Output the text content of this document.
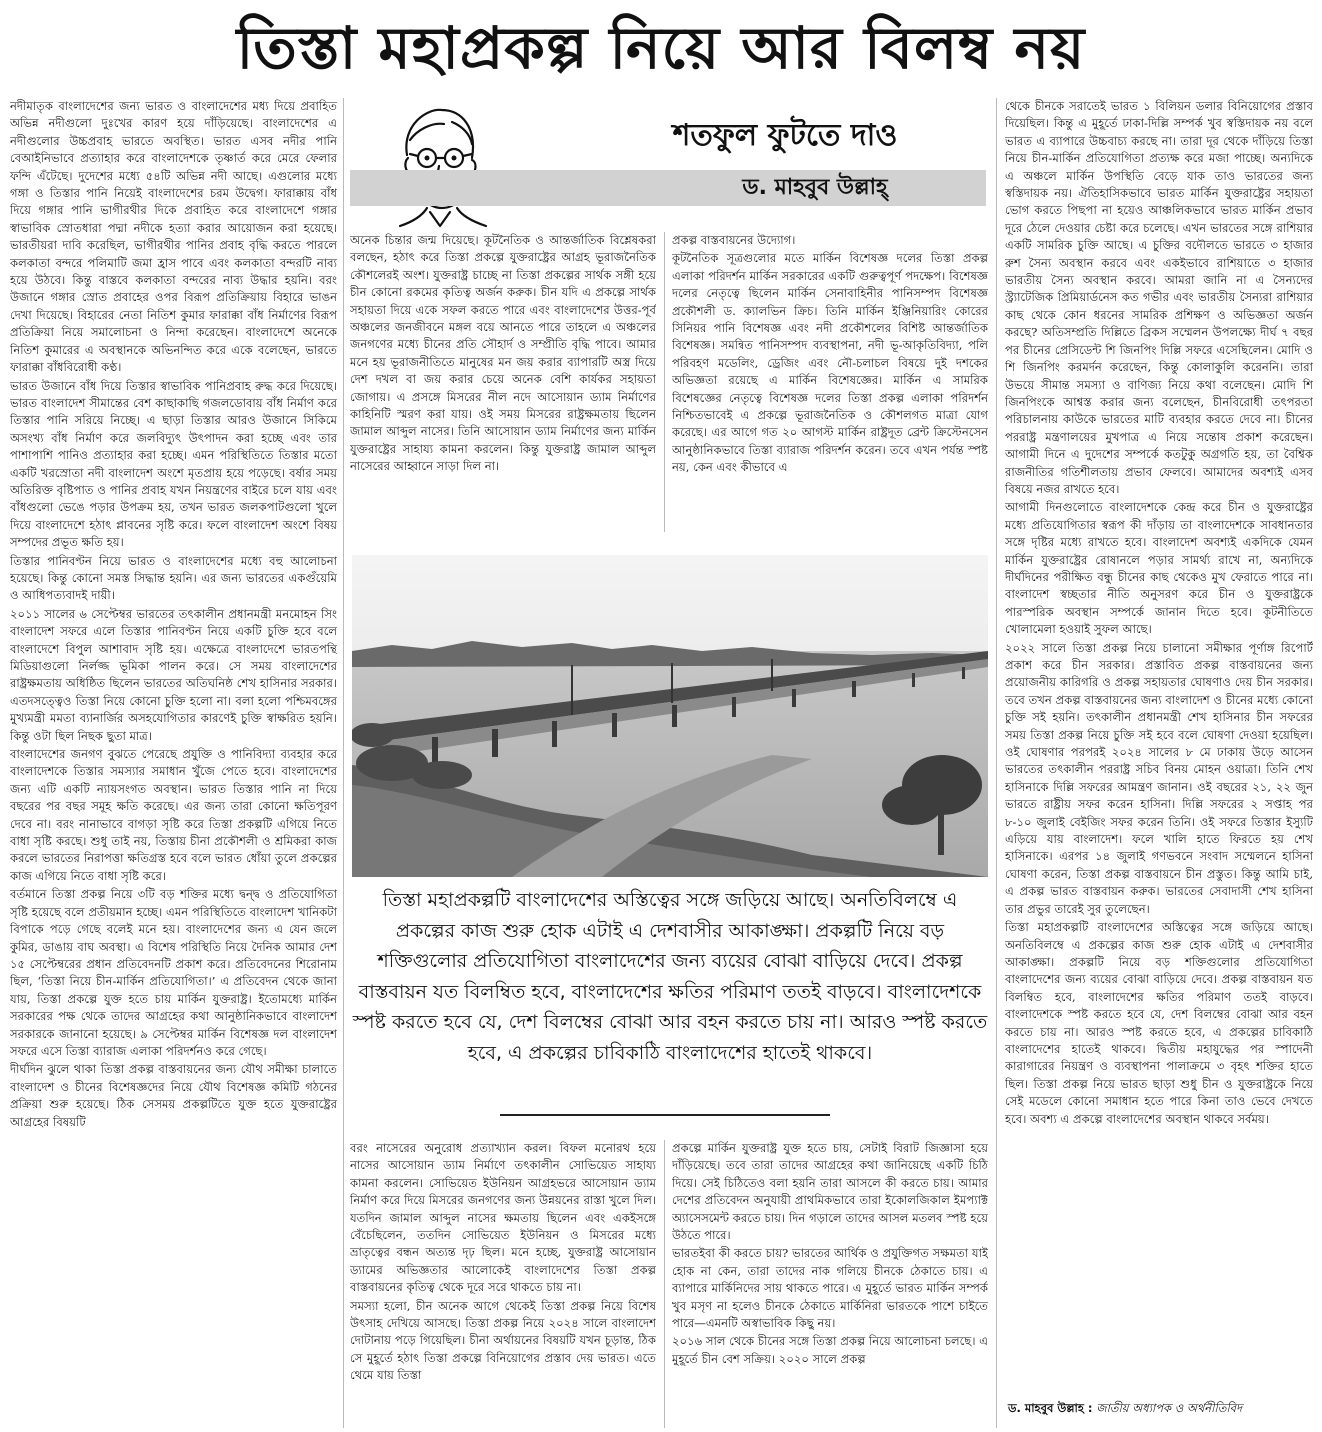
তিস্তা মহাপ্রকল্প নিয়ে আর বিলম্ব নয়
শতফুল ফুটতে দাও
ড. মাহবুব উল্লাহ্‌

নদীমাতৃক বাংলাদেশের জন্য ভারত ও বাংলাদেশের মধ্য দিয়ে প্রবাহিত অভিন্ন নদীগুলো দুঃখের কারণ হয়ে দাঁড়িয়েছে। বাংলাদেশের এ নদীগুলোর উচ্চপ্রবাহ ভারতে অবস্থিত। ভারত এসব নদীর পানি বেআইনিভাবে প্রত্যাহার করে বাংলাদেশকে তৃষ্ণার্ত করে মেরে ফেলার ফন্দি এঁটেছে। দুদেশের মধ্যে ৫৪টি অভিন্ন নদী আছে। এগুলোর মধ্যে গঙ্গা ও তিস্তার পানি নিয়েই বাংলাদেশের চরম উদ্বেগ। ফারাক্কায় বাঁধ দিয়ে গঙ্গার পানি ভাগীরথীর দিকে প্রবাহিত করে বাংলাদেশে গঙ্গার স্বাভাবিক স্রোতধারা পদ্মা নদীকে হত্যা করার আয়োজন করা হয়েছে। ভারতীয়রা দাবি করেছিল, ভাগীরথীর পানির প্রবাহ বৃদ্ধি করতে পারলে কলকাতা বন্দরে পলিমাটি জমা হ্রাস পাবে এবং কলকাতা বন্দরটি নাব্য হয়ে উঠবে। কিন্তু বাস্তবে কলকাতা বন্দরের নাব্য উদ্ধার হয়নি। বরং উজানে গঙ্গার স্রোত প্রবাহের ওপর বিরূপ প্রতিক্রিয়ায় বিহারে ভাঙন দেখা দিয়েছে। বিহারের নেতা নিতিশ কুমার ফারাক্কা বাঁধ নির্মাণের বিরূপ প্রতিক্রিয়া নিয়ে সমালোচনা ও নিন্দা করেছেন। বাংলাদেশে অনেকে নিতিশ কুমারের এ অবস্থানকে অভিনন্দিত করে একে বলেছেন, ভারতে ফারাক্কা বাঁধবিরোধী কণ্ঠ।

ভারত উজানে বাঁধ দিয়ে তিস্তার স্বাভাবিক পানিপ্রবাহ রুদ্ধ করে দিয়েছে। ভারত বাংলাদেশ সীমান্তের বেশ কাছাকাছি গজলডোবায় বাঁধ নির্মাণ করে তিস্তার পানি সরিয়ে নিচ্ছে। এ ছাড়া তিস্তার আরও উজানে সিকিমে অসংখ্য বাঁধ নির্মাণ করে জলবিদ্যুৎ উৎপাদন করা হচ্ছে এবং তার পাশাপাশি পানিও প্রত্যাহার করা হচ্ছে। এমন পরিস্থিতিতে তিস্তার মতো একটি খরস্রোতা নদী বাংলাদেশ অংশে মৃতপ্রায় হয়ে পড়েছে। বর্ষার সময় অতিরিক্ত বৃষ্টিপাত ও পানির প্রবাহ যখন নিয়ন্ত্রণের বাইরে চলে যায় এবং বাঁধগুলো ভেঙে পড়ার উপক্রম হয়, তখন ভারত জলকপাটগুলো খুলে দিয়ে বাংলাদেশে হঠাৎ প্লাবনের সৃষ্টি করে। ফলে বাংলাদেশ অংশে বিষয় সম্পদের প্রভূত ক্ষতি হয়।

তিস্তার পানিবণ্টন নিয়ে ভারত ও বাংলাদেশের মধ্যে বহু আলোচনা হয়েছে। কিন্তু কোনো সমস্ত সিদ্ধান্ত হয়নি। এর জন্য ভারতের একগুঁয়েমি ও আধিপত্যবাদই দায়ী।

২০১১ সালের ৬ সেপ্টেম্বর ভারতের তৎকালীন প্রধানমন্ত্রী মনমোহন সিং বাংলাদেশ সফরে এলে তিস্তার পানিবণ্টন নিয়ে একটি চুক্তি হবে বলে বাংলাদেশে বিপুল আশাবাদ সৃষ্টি হয়। এক্ষেত্রে বাংলাদেশে ভারতপন্থি মিডিয়াগুলো নির্লজ্জ ভূমিকা পালন করে। সে সময় বাংলাদেশের রাষ্ট্রক্ষমতায় অধিষ্ঠিত ছিলেন ভারতের অতিঘনিষ্ঠ শেখ হাসিনার সরকার। এতদসত্ত্বেও তিস্তা নিয়ে কোনো চুক্তি হলো না। বলা হলো পশ্চিমবঙ্গের মুখ্যমন্ত্রী মমতা ব্যানার্জির অসহযোগিতার কারণেই চুক্তি স্বাক্ষরিত হয়নি। কিন্তু ওটা ছিল নিছক ছুতা মাত্র।

বাংলাদেশের জনগণ বুঝতে পেরেছে প্রযুক্তি ও পানিবিদ্যা ব্যবহার করে বাংলাদেশকে তিস্তার সমস্যার সমাধান খুঁজে পেতে হবে। বাংলাদেশের জন্য এটি একটি ন্যায়সংগত অবস্থান। ভারত তিস্তার পানি না দিয়ে বছরের পর বছর সমূহ ক্ষতি করেছে। এর জন্য তারা কোনো ক্ষতিপূরণ দেবে না। বরং নানাভাবে বাগড়া সৃষ্টি করে তিস্তা প্রকল্পটি এগিয়ে নিতে বাধা সৃষ্টি করছে। শুধু তাই নয়, তিস্তায় চীনা প্রকৌশলী ও শ্রমিকরা কাজ করলে ভারতের নিরাপত্তা ক্ষতিগ্রস্ত হবে বলে ভারত ধোঁয়া তুলে প্রকল্পের কাজ এগিয়ে নিতে বাধা সৃষ্টি করে।

বর্তমানে তিস্তা প্রকল্প নিয়ে ৩টি বড় শক্তির মধ্যে দ্বন্দ্ব ও প্রতিযোগিতা সৃষ্টি হয়েছে বলে প্রতীয়মান হচ্ছে। এমন পরিস্থিতিতে বাংলাদেশ খানিকটা বিপাকে পড়ে গেছে বলেই মনে হয়। বাংলাদেশের জন্য এ যেন জলে কুমির, ডাঙায় বাঘ অবস্থা। এ বিশেষ পরিস্থিতি নিয়ে দৈনিক আমার দেশ ১৫ সেপ্টেম্বরের প্রধান প্রতিবেদনটি প্রকাশ করে। প্রতিবেদনের শিরোনাম ছিল, ‘তিস্তা নিয়ে চীন-মার্কিন প্রতিযোগিতা।’ এ প্রতিবেদন থেকে জানা যায়, তিস্তা প্রকল্পে যুক্ত হতে চায় মার্কিন যুক্তরাষ্ট্র। ইতোমধ্যে মার্কিন সরকারের পক্ষ থেকে তাদের আগ্রহের কথা আনুষ্ঠানিকভাবে বাংলাদেশ সরকারকে জানানো হয়েছে। ৯ সেপ্টেম্বর মার্কিন বিশেষজ্ঞ দল বাংলাদেশ সফরে এসে তিস্তা ব্যারাজ এলাকা পরিদর্শনও করে গেছে।

দীর্ঘদিন ঝুলে থাকা তিস্তা প্রকল্প বাস্তবায়নের জন্য যৌথ সমীক্ষা চালাতে বাংলাদেশ ও চীনের বিশেষজ্ঞদের নিয়ে যৌথ বিশেষজ্ঞ কমিটি গঠনের প্রক্রিয়া শুরু হয়েছে। ঠিক সেসময় প্রকল্পটিতে যুক্ত হতে যুক্তরাষ্ট্রের আগ্রহের বিষয়টি

অনেক চিন্তার জন্ম দিয়েছে। কূটনৈতিক ও আন্তর্জাতিক বিশ্লেষকরা বলছেন, হঠাৎ করে তিস্তা প্রকল্পে যুক্তরাষ্ট্রের আগ্রহ ভূরাজনৈতিক কৌশলেরই অংশ। যুক্তরাষ্ট্র চাচ্ছে না তিস্তা প্রকল্পের সার্থক সঙ্গী হয়ে চীন কোনো রকমের কৃতিত্ব অর্জন করুক। চীন যদি এ প্রকল্পে সার্থক সহায়তা দিয়ে একে সফল করতে পারে এবং বাংলাদেশের উত্তর-পূর্ব অঞ্চলের জনজীবনে মঙ্গল বয়ে আনতে পারে তাহলে এ অঞ্চলের জনগণের মধ্যে চীনের প্রতি সৌহার্দ ও সম্প্রীতি বৃদ্ধি পাবে। আমার মনে হয় ভূরাজনীতিতে মানুষের মন জয় করার ব্যাপারটি অস্ত্র দিয়ে দেশ দখল বা জয় করার চেয়ে অনেক বেশি কার্যকর সহায়তা জোগায়। এ প্রসঙ্গে মিসরের নীল নদে আসোয়ান ড্যাম নির্মাণের কাহিনিটি স্মরণ করা যায়। ওই সময় মিসরের রাষ্ট্রক্ষমতায় ছিলেন জামাল আব্দুল নাসের। তিনি আসোয়ান ড্যাম নির্মাণের জন্য মার্কিন যুক্তরাষ্ট্রের সাহায্য কামনা করলেন। কিন্তু যুক্তরাষ্ট্র জামাল আব্দুল নাসেরের আহ্বানে সাড়া দিল না।

প্রকল্প বাস্তবায়নের উদ্যোগ।

কূটনৈতিক সূত্রগুলোর মতে মার্কিন বিশেষজ্ঞ দলের তিস্তা প্রকল্প এলাকা পরিদর্শন মার্কিন সরকারের একটি গুরুত্বপূর্ণ পদক্ষেপ। বিশেষজ্ঞ দলের নেতৃত্বে ছিলেন মার্কিন সেনাবাহিনীর পানিসম্পদ বিশেষজ্ঞ প্রকৌশলী ড. ক্যালভিন ক্রিচ। তিনি মার্কিন ইঞ্জিনিয়ারিং কোরের সিনিয়র পানি বিশেষজ্ঞ এবং নদী প্রকৌশলের বিশিষ্ট আন্তর্জাতিক বিশেষজ্ঞ। সমন্বিত পানিসম্পদ ব্যবস্থাপনা, নদী ভূ-আকৃতিবিদ্যা, পলি পরিবহণ মডেলিং, ড্রেজিং এবং নৌ-চলাচল বিষয়ে দুই দশকের অভিজ্ঞতা রয়েছে এ মার্কিন বিশেষজ্ঞের। মার্কিন এ সামরিক বিশেষজ্ঞের নেতৃত্বে বিশেষজ্ঞ দলের তিস্তা প্রকল্প এলাকা পরিদর্শন নিশ্চিতভাবেই এ প্রকল্পে ভূরাজনৈতিক ও কৌশলগত মাত্রা যোগ করেছে। এর আগে গত ২০ আগস্ট মার্কিন রাষ্ট্রদূত ব্রেন্ট ক্রিস্টেনসেন আনুষ্ঠানিকভাবে তিস্তা ব্যারাজ পরিদর্শন করেন। তবে এখন পর্যন্ত স্পষ্ট নয়, কেন এবং কীভাবে এ

তিস্তা মহাপ্রকল্পটি বাংলাদেশের অস্তিত্বের সঙ্গে জড়িয়ে আছে। অনতিবিলম্বে এ প্রকল্পের কাজ শুরু হোক এটাই এ দেশবাসীর আকাঙ্ক্ষা। প্রকল্পটি নিয়ে বড় শক্তিগুলোর প্রতিযোগিতা বাংলাদেশের জন্য ব্যয়ের বোঝা বাড়িয়ে দেবে। প্রকল্প বাস্তবায়ন যত বিলম্বিত হবে, বাংলাদেশের ক্ষতির পরিমাণ ততই বাড়বে। বাংলাদেশকে স্পষ্ট করতে হবে যে, দেশ বিলম্বের বোঝা আর বহন করতে চায় না। আরও স্পষ্ট করতে হবে, এ প্রকল্পের চাবিকাঠি বাংলাদেশের হাতেই থাকবে।

বরং নাসেরের অনুরোধ প্রত্যাখ্যান করল। বিফল মনোরথ হয়ে নাসের আসোয়ান ড্যাম নির্মাণে তৎকালীন সোভিয়েত সাহায্য কামনা করলেন। সোভিয়েত ইউনিয়ন আগ্রহভরে আসোয়ান ড্যাম নির্মাণ করে দিয়ে মিসরের জনগণের জন্য উন্নয়নের রাস্তা খুলে দিল। যতদিন জামাল আব্দুল নাসের ক্ষমতায় ছিলেন এবং একইসঙ্গে বেঁচেছিলেন, ততদিন সোভিয়েত ইউনিয়ন ও মিসরের মধ্যে ভ্রাতৃত্বের বন্ধন অত্যন্ত দৃঢ় ছিল। মনে হচ্ছে, যুক্তরাষ্ট্র আসোয়ান ড্যামের অভিজ্ঞতার আলোকেই বাংলাদেশের তিস্তা প্রকল্প বাস্তবায়নের কৃতিত্ব থেকে দূরে সরে থাকতে চায় না।

সমস্যা হলো, চীন অনেক আগে থেকেই তিস্তা প্রকল্প নিয়ে বিশেষ উৎসাহ দেখিয়ে আসছে। তিস্তা প্রকল্প নিয়ে ২০২৪ সালে বাংলাদেশ দোটানায় পড়ে গিয়েছিল। চীনা অর্থায়নের বিষয়টি যখন চূড়ান্ত, ঠিক সে মুহূর্তে হঠাৎ তিস্তা প্রকল্পে বিনিয়োগের প্রস্তাব দেয় ভারত। এতে থেমে যায় তিস্তা

প্রকল্পে মার্কিন যুক্তরাষ্ট্র যুক্ত হতে চায়, সেটাই বিরাট জিজ্ঞাসা হয়ে দাঁড়িয়েছে। তবে তারা তাদের আগ্রহের কথা জানিয়েছে একটি চিঠি দিয়ে। সেই চিঠিতেও বলা হয়নি তারা আসলে কী করতে চায়। আমার দেশের প্রতিবেদন অনুযায়ী প্রাথমিকভাবে তারা ইকোলজিকাল ইমপ্যাক্ট অ্যাসেসমেন্ট করতে চায়। দিন গড়ালে তাদের আসল মতলব স্পষ্ট হয়ে উঠতে পারে।

ভারতইবা কী করতে চায়? ভারতের আর্থিক ও প্রযুক্তিগত সক্ষমতা যাই হোক না কেন, তারা তাদের নাক গলিয়ে চীনকে ঠেকাতে চায়। এ ব্যাপারে মার্কিনিদের সায় থাকতে পারে। এ মুহূর্তে ভারত মার্কিন সম্পর্ক খুব মসৃণ না হলেও চীনকে ঠেকাতে মার্কিনিরা ভারতকে পাশে চাইতে পারে—এমনটি অস্বাভাবিক কিছু নয়।

২০১৬ সাল থেকে চীনের সঙ্গে তিস্তা প্রকল্প নিয়ে আলোচনা চলছে। এ মুহূর্তে চীন বেশ সক্রিয়। ২০২০ সালে প্রকল্প

থেকে চীনকে সরাতেই ভারত ১ বিলিয়ন ডলার বিনিয়োগের প্রস্তাব দিয়েছিল। কিন্তু এ মুহূর্তে ঢাকা-দিল্লি সম্পর্ক খুব স্বস্তিদায়ক নয় বলে ভারত এ ব্যাপারে উচ্চবাচ্য করছে না। তারা দূর থেকে দাঁড়িয়ে তিস্তা নিয়ে চীন-মার্কিন প্রতিযোগিতা প্রত্যক্ষ করে মজা পাচ্ছে। অন্যদিকে এ অঞ্চলে মার্কিন উপস্থিতি বেড়ে যাক তাও ভারতের জন্য স্বস্তিদায়ক নয়। ঐতিহাসিকভাবে ভারত মার্কিন যুক্তরাষ্ট্রের সহায়তা ভোগ করতে পিছপা না হয়েও আঞ্চলিকভাবে ভারত মার্কিন প্রভাব দূরে ঠেলে দেওয়ার চেষ্টা করে চলেছে। এখন ভারতের সঙ্গে রাশিয়ার একটি সামরিক চুক্তি আছে। এ চুক্তির বদৌলতে ভারতে ৩ হাজার রুশ সৈন্য অবস্থান করবে এবং একইভাবে রাশিয়াতে ৩ হাজার ভারতীয় সৈন্য অবস্থান করবে। আমরা জানি না এ সৈন্যদের স্ট্র্যাটেজিক প্রিমিয়ার্ডনেস কত গভীর এবং ভারতীয় সৈন্যরা রাশিয়ার কাছ থেকে কোন ধরনের সামরিক প্রশিক্ষণ ও অভিজ্ঞতা অর্জন করছে? অতিসম্প্রতি দিল্লিতে ব্রিকস সম্মেলন উপলক্ষ্যে দীর্ঘ ৭ বছর পর চীনের প্রেসিডেন্ট শি জিনপিং দিল্লি সফরে এসেছিলেন। মোদি ও শি জিনপিং করমর্দন করেছেন, কিন্তু কোলাকুলি করেননি। তারা উভয়ে সীমান্ত সমস্যা ও বাণিজ্য নিয়ে কথা বলেছেন। মোদি শি জিনপিংকে আশ্বস্ত করার জন্য বলেছেন, চীনবিরোধী তৎপরতা পরিচালনায় কাউকে ভারতের মাটি ব্যবহার করতে দেবে না। চীনের পররাষ্ট্র মন্ত্রণালয়ের মুখপাত্র এ নিয়ে সন্তোষ প্রকাশ করেছেন। আগামী দিনে এ দুদেশের সম্পর্কে কতটুকু অগ্রগতি হয়, তা বৈশ্বিক রাজনীতির গতিশীলতায় প্রভাব ফেলবে। আমাদের অবশ্যই এসব বিষয়ে নজর রাখতে হবে।

আগামী দিনগুলোতে বাংলাদেশকে কেন্দ্র করে চীন ও যুক্তরাষ্ট্রের মধ্যে প্রতিযোগিতার স্বরূপ কী দাঁড়ায় তা বাংলাদেশকে সাবধানতার সঙ্গে দৃষ্টির মধ্যে রাখতে হবে। বাংলাদেশ অবশ্যই একদিকে যেমন মার্কিন যুক্তরাষ্ট্রের রোষানলে পড়ার সামর্থ্য রাখে না, অন্যদিকে দীর্ঘদিনের পরীক্ষিত বন্ধু চীনের কাছ থেকেও মুখ ফেরাতে পারে না। বাংলাদেশ স্বচ্ছতার নীতি অনুসরণ করে চীন ও যুক্তরাষ্ট্রকে পারস্পরিক অবস্থান সম্পর্কে জানান দিতে হবে। কূটনীতিতে খোলামেলা হওয়াই সুফল আছে।

২০২২ সালে তিস্তা প্রকল্প নিয়ে চালানো সমীক্ষার পূর্ণাঙ্গ রিপোর্ট প্রকাশ করে চীন সরকার। প্রস্তাবিত প্রকল্প বাস্তবায়নের জন্য প্রয়োজনীয় কারিগরি ও প্রকল্প সহায়তার ঘোষণাও দেয় চীন সরকার। তবে তখন প্রকল্প বাস্তবায়নের জন্য বাংলাদেশ ও চীনের মধ্যে কোনো চুক্তি সই হয়নি। তৎকালীন প্রধানমন্ত্রী শেখ হাসিনার চীন সফরের সময় তিস্তা প্রকল্প নিয়ে চুক্তি সই হবে বলে ঘোষণা দেওয়া হয়েছিল। ওই ঘোষণার পরপরই ২০২৪ সালের ৮ মে ঢাকায় উড়ে আসেন ভারতের তৎকালীন পররাষ্ট্র সচিব বিনয় মোহন ওয়াত্রা। তিনি শেখ হাসিনাকে দিল্লি সফরের আমন্ত্রণ জানান। ওই বছরের ২১, ২২ জুন ভারতে রাষ্ট্রীয় সফর করেন হাসিনা। দিল্লি সফরের ২ সপ্তাহ পর ৮-১০ জুলাই বেইজিং সফর করেন তিনি। ওই সফরে তিস্তার ইস্যুটি এড়িয়ে যায় বাংলাদেশ। ফলে খালি হাতে ফিরতে হয় শেখ হাসিনাকে। এরপর ১৪ জুলাই গণভবনে সংবাদ সম্মেলনে হাসিনা ঘোষণা করেন, তিস্তা প্রকল্প বাস্তবায়নে চীন প্রস্তুত। কিন্তু আমি চাই, এ প্রকল্প ভারত বাস্তবায়ন করুক। ভারতের সেবাদাসী শেখ হাসিনা তার প্রভুর তারেই সুর তুলেছেন।

তিস্তা মহাপ্রকল্পটি বাংলাদেশের অস্তিত্বের সঙ্গে জড়িয়ে আছে। অনতিবিলম্বে এ প্রকল্পের কাজ শুরু হোক এটাই এ দেশবাসীর আকাঙ্ক্ষা। প্রকল্পটি নিয়ে বড় শক্তিগুলোর প্রতিযোগিতা বাংলাদেশের জন্য ব্যয়ের বোঝা বাড়িয়ে দেবে। প্রকল্প বাস্তবায়ন যত বিলম্বিত হবে, বাংলাদেশের ক্ষতির পরিমাণ ততই বাড়বে। বাংলাদেশকে স্পষ্ট করতে হবে যে, দেশ বিলম্বের বোঝা আর বহন করতে চায় না। আরও স্পষ্ট করতে হবে, এ প্রকল্পের চাবিকাঠি বাংলাদেশের হাতেই থাকবে। দ্বিতীয় মহাযুদ্ধের পর স্পাদেনী কারাগারের নিয়ন্ত্রণ ও ব্যবস্থাপনা পালাক্রমে ৩ বৃহৎ শক্তির হাতে ছিল। তিস্তা প্রকল্প নিয়ে ভারত ছাড়া শুধু চীন ও যুক্তরাষ্ট্রকে নিয়ে সেই মডেলে কোনো সমাধান হতে পারে কিনা তাও ভেবে দেখতে হবে। অবশ্য এ প্রকল্পে বাংলাদেশের অবস্থান থাকবে সর্বময়।

ড. মাহবুব উল্লাহ : জাতীয় অধ্যাপক ও অর্থনীতিবিদ
